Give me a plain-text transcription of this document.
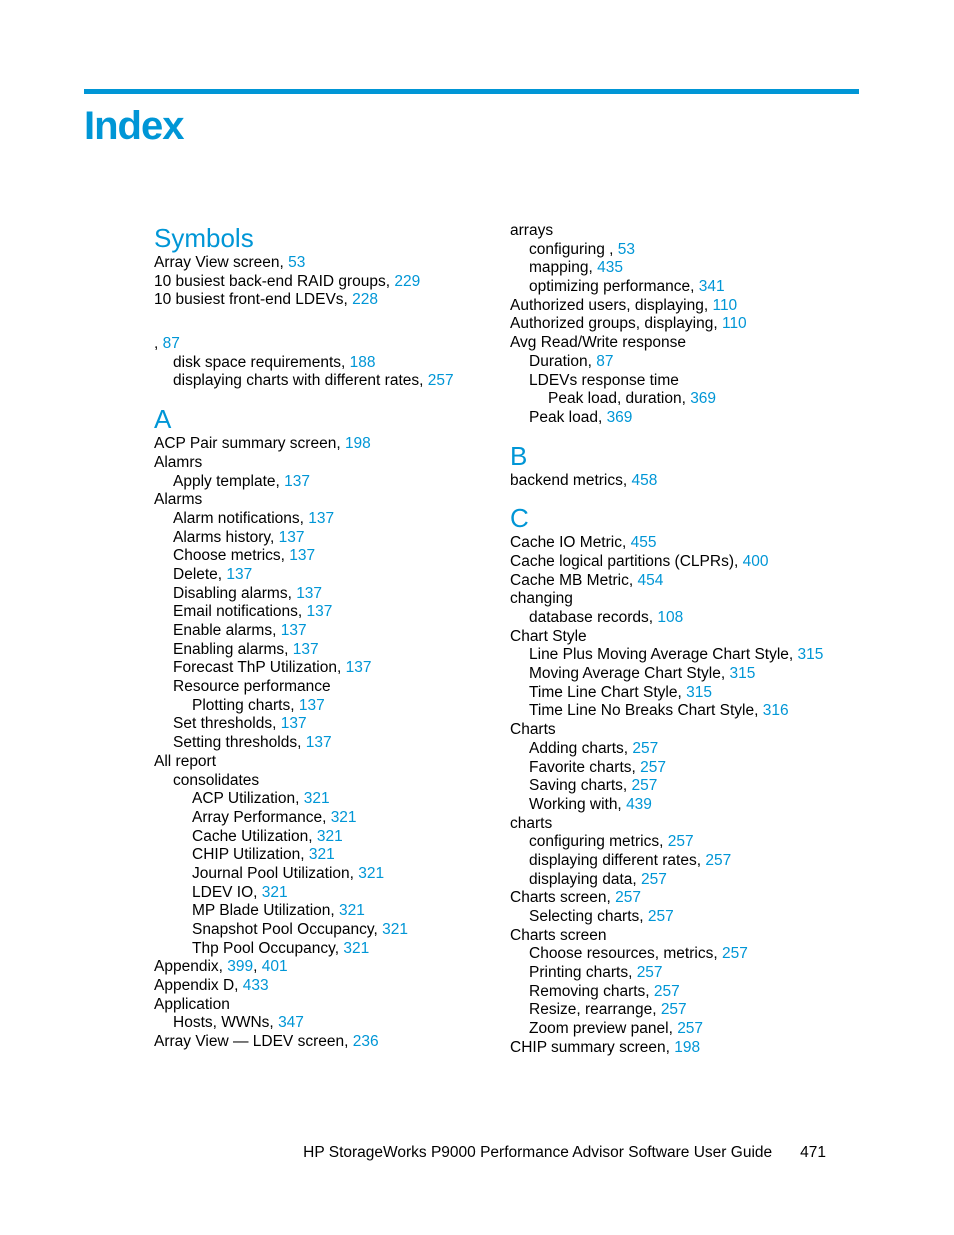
Index
Symbols
Array View screen, 53
10 busiest back-end RAID groups, 229
10 busiest front-end LDEVs, 228
, 87
disk space requirements, 188
displaying charts with different rates, 257
A
ACP Pair summary screen, 198
Alamrs
Apply template, 137
Alarms
Alarm notifications, 137
Alarms history, 137
Choose metrics, 137
Delete, 137
Disabling alarms, 137
Email notifications, 137
Enable alarms, 137
Enabling alarms, 137
Forecast ThP Utilization, 137
Resource performance
Plotting charts, 137
Set thresholds, 137
Setting thresholds, 137
All report
consolidates
ACP Utilization, 321
Array Performance, 321
Cache Utilization, 321
CHIP Utilization, 321
Journal Pool Utilization, 321
LDEV IO, 321
MP Blade Utilization, 321
Snapshot Pool Occupancy, 321
Thp Pool Occupancy, 321
Appendix, 399, 401
Appendix D, 433
Application
Hosts, WWNs, 347
Array View — LDEV screen, 236
arrays
configuring , 53
mapping, 435
optimizing performance, 341
Authorized users, displaying, 110
Authorized groups, displaying, 110
Avg Read/Write response
Duration, 87
LDEVs response time
Peak load, duration, 369
Peak load, 369
B
backend metrics, 458
C
Cache IO Metric, 455
Cache logical partitions (CLPRs), 400
Cache MB Metric, 454
changing
database records, 108
Chart Style
Line Plus Moving Average Chart Style, 315
Moving Average Chart Style, 315
Time Line Chart Style, 315
Time Line No Breaks Chart Style, 316
Charts
Adding charts, 257
Favorite charts, 257
Saving charts, 257
Working with, 439
charts
configuring metrics, 257
displaying different rates, 257
displaying data, 257
Charts screen, 257
Selecting charts, 257
Charts screen
Choose resources, metrics, 257
Printing charts, 257
Removing charts, 257
Resize, rearrange, 257
Zoom preview panel, 257
CHIP summary screen, 198
HP StorageWorks P9000 Performance Advisor Software User Guide 471
